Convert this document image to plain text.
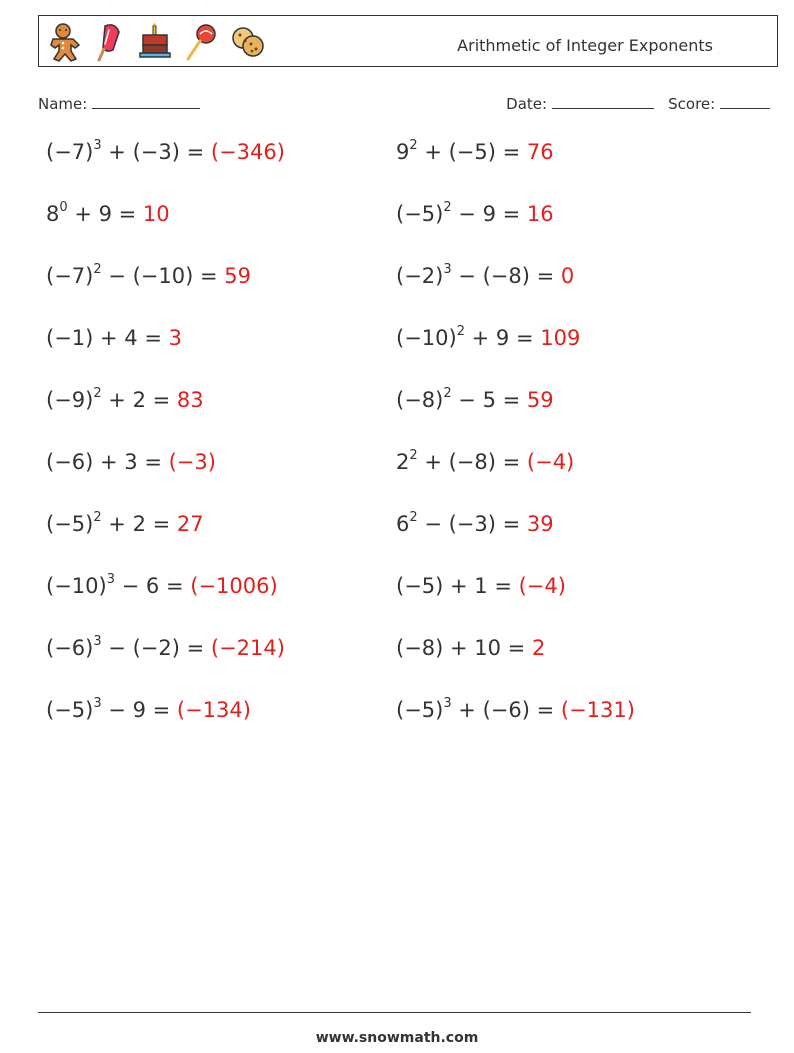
Arithmetic of Integer Exponents
Name:	Date:	Score:
$(-7)^3 + (-3) = (-346)$	$9^2 + (-5) = 76$
$8^0 + 9 = 10$	$(-5)^2 - 9 = 16$
$(-7)^2 - (-10) = 59$	$(-2)^3 - (-8) = 0$
(−1) + 4 = 3	$(-10)^2 + 9 = 109$
$(-9)^2 + 2 = 83$	$(-8)^2 - 5 = 59$
(−6) + 3 = (−3)	$2^2 + (-8) = (-4)$
$(-5)^2 + 2 = 27$	$6^2 - (-3) = 39$
$(-10)^3 - 6 = (-1006)$	(−5) + 1 = (−4)
$(-6)^3 - (-2) = (-214)$	(−8) + 10 = 2
$(-5)^3 - 9 = (-134)$	$(-5)^3 + (-6) = (-131)$
www.snowmath.com
